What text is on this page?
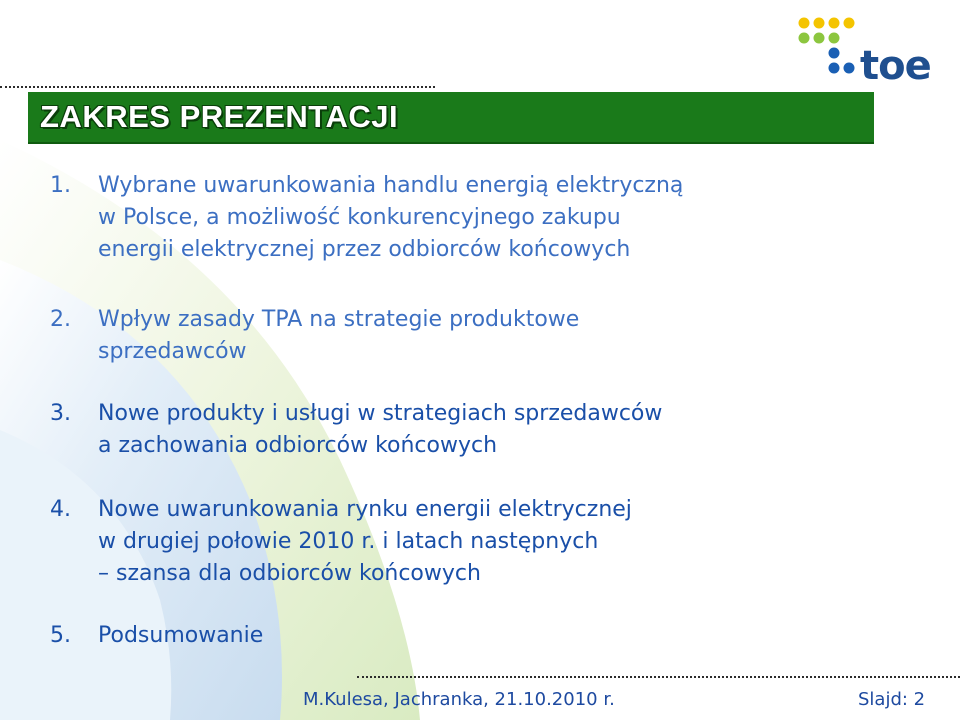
toe
ZAKRES PREZENTACJI
1. Wybrane uwarunkowania handlu energią elektryczną
w Polsce, a możliwość konkurencyjnego zakupu
energii elektrycznej przez odbiorców końcowych
2. Wpływ zasady TPA na strategie produktowe
sprzedawców
3. Nowe produkty i usługi w strategiach sprzedawców
a zachowania odbiorców końcowych
4. Nowe uwarunkowania rynku energii elektrycznej
w drugiej połowie 2010 r. i latach następnych
– szansa dla odbiorców końcowych
5. Podsumowanie
M.Kulesa, Jachranka, 21.10.2010 r.	Slajd: 2
